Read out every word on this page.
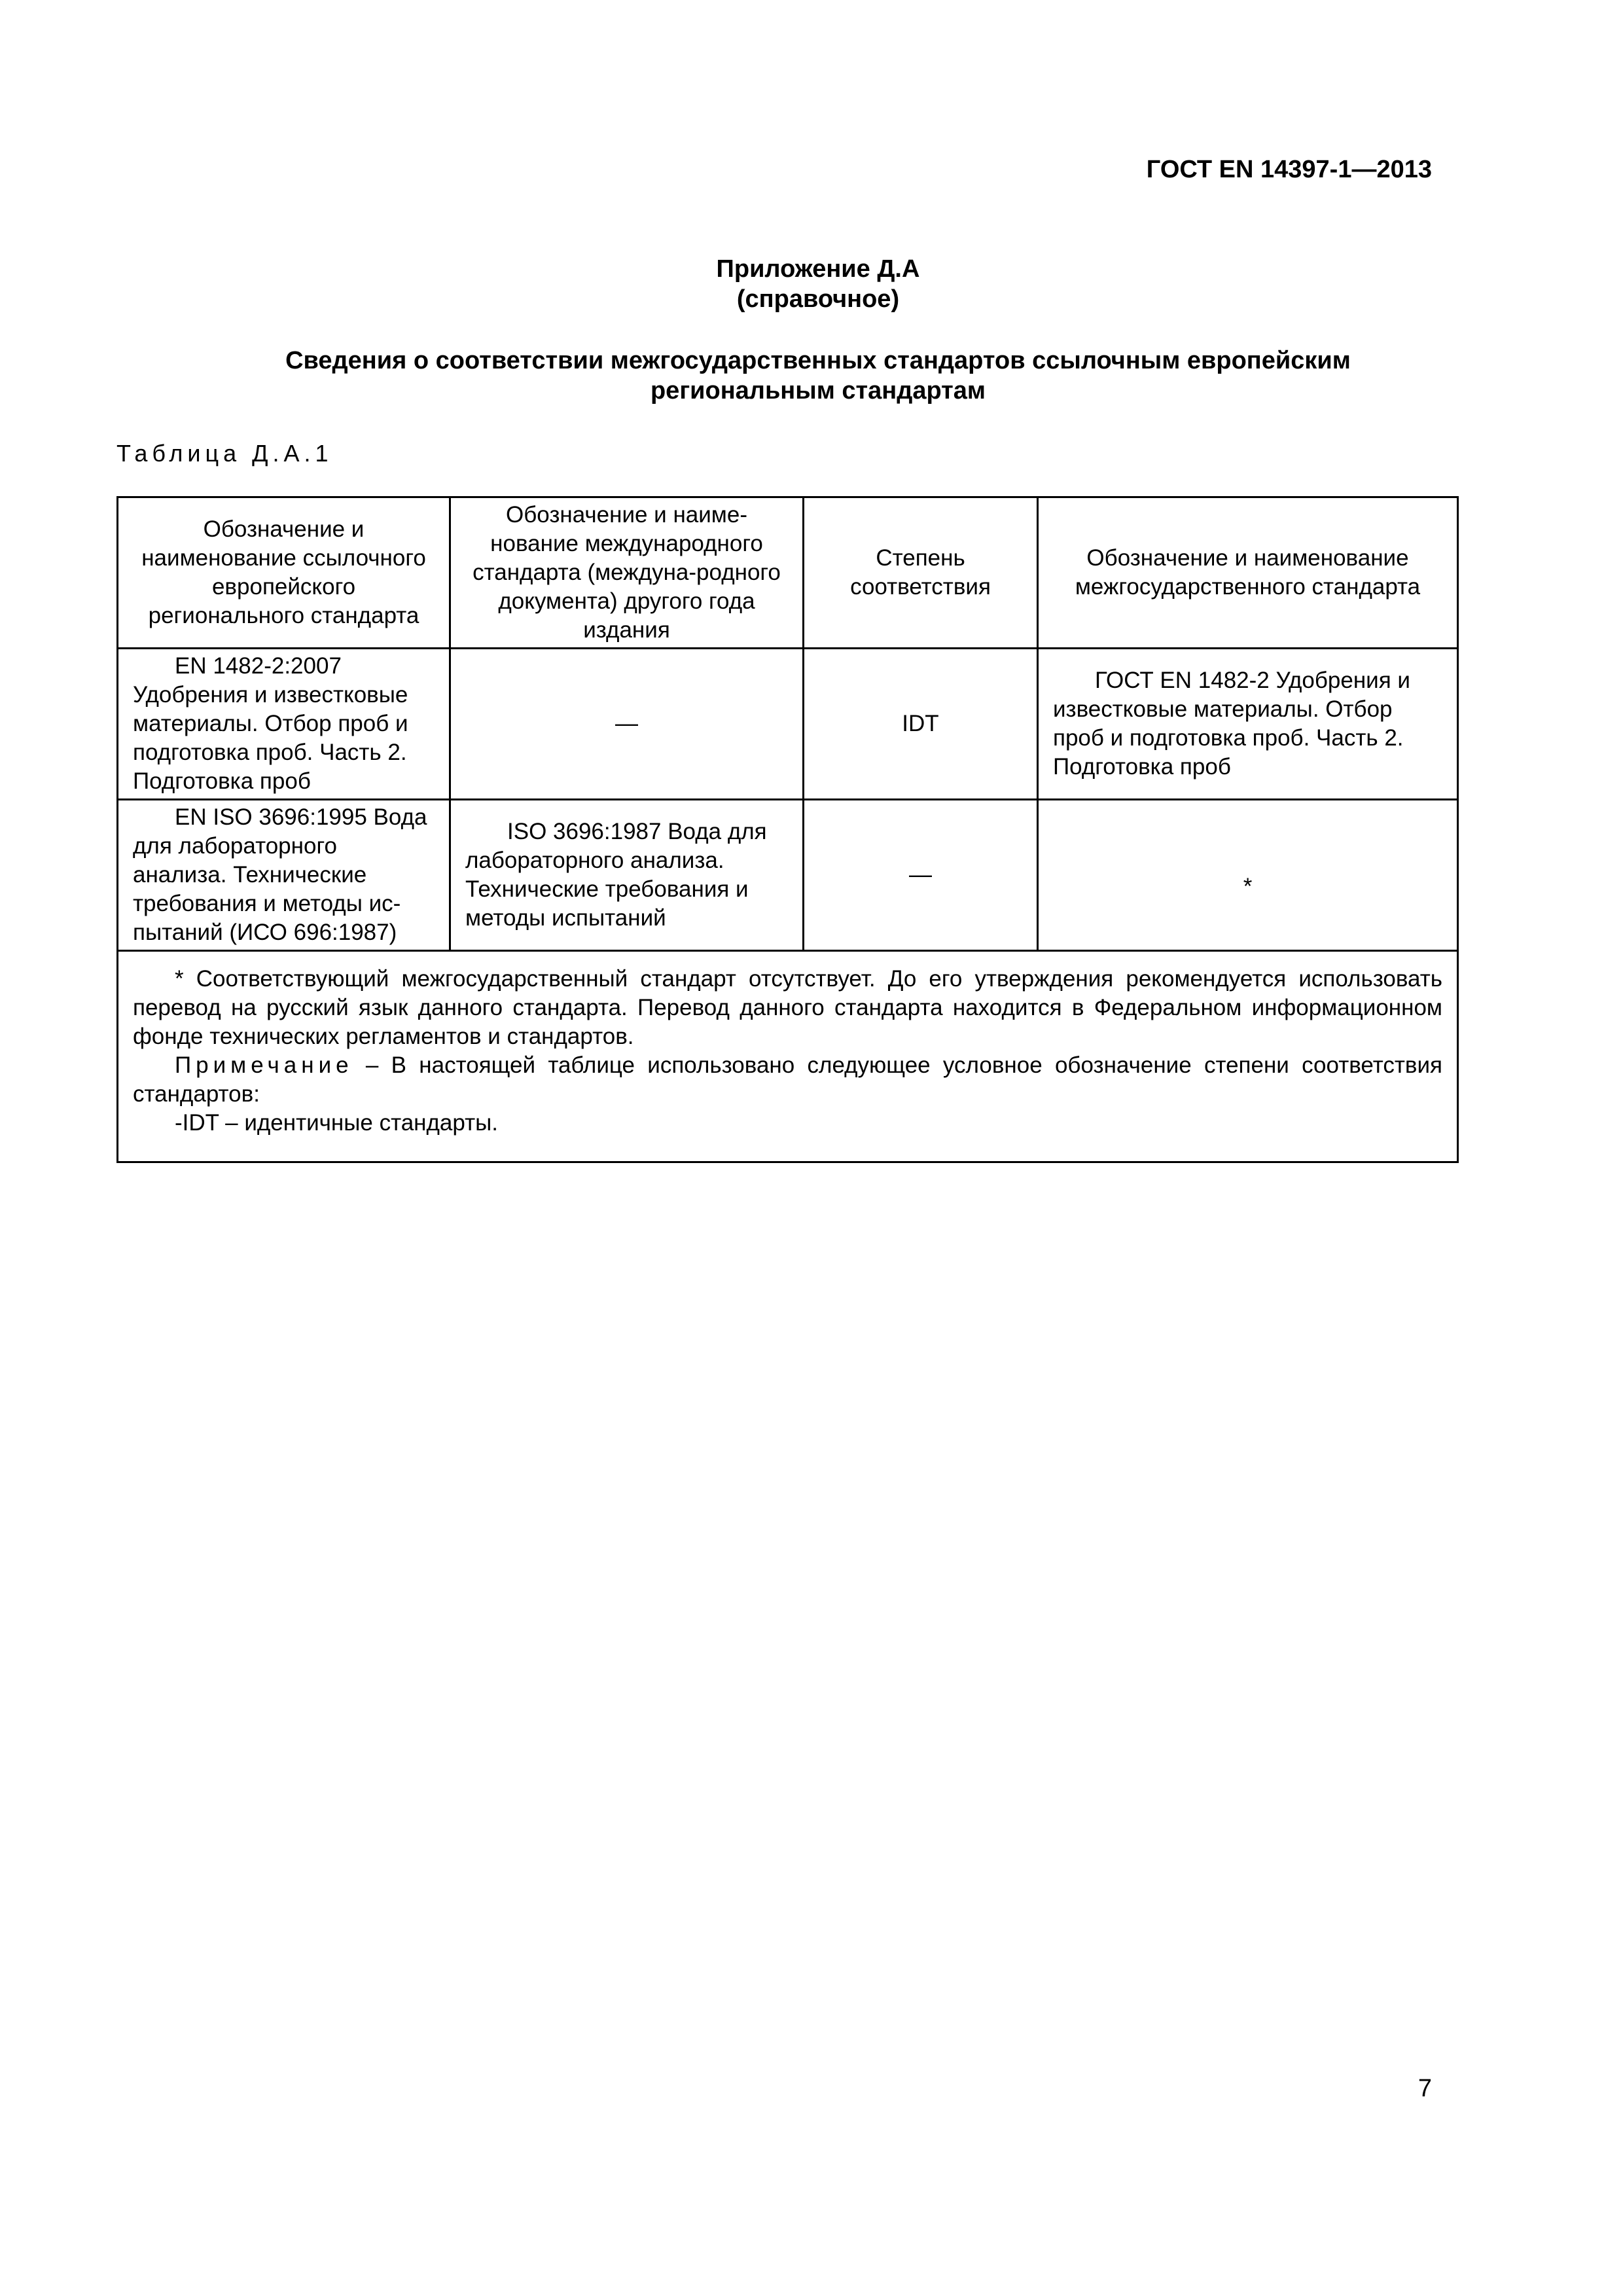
ГОСТ EN 14397-1—2013
Приложение Д.А
(справочное)
Сведения о соответствии межгосударственных стандартов ссылочным европейским
региональным стандартам
Таблица Д.А.1
Обозначение и наименование ссылочного европейского регионального стандарта	Обозначение и наиме-нование международного стандарта (междуна-родного документа) другого года издания	Степень соответствия	Обозначение и наименование межгосударственного стандарта
EN 1482-2:2007 Удобрения и известковые материалы. Отбор проб и подготовка проб. Часть 2. Подготовка проб	—	IDT	ГОСТ EN 1482-2 Удобрения и известковые материалы. Отбор проб и подготовка проб. Часть 2. Подготовка проб
EN ISO 3696:1995 Вода для лабораторного анализа. Технические требования и методы ис-пытаний (ИСО 696:1987)	ISO 3696:1987 Вода для лабораторного анализа. Технические требования и методы испытаний	—	*

* Соответствующий межгосударственный стандарт отсутствует. До его утверждения рекомендуется использовать перевод на русский язык данного стандарта. Перевод данного стандарта находится в Федеральном информационном фонде технических регламентов и стандартов.

Примечание – В настоящей таблице использовано следующее условное обозначение степени соответствия стандартов:

-IDT – идентичные стандарты.			

7
